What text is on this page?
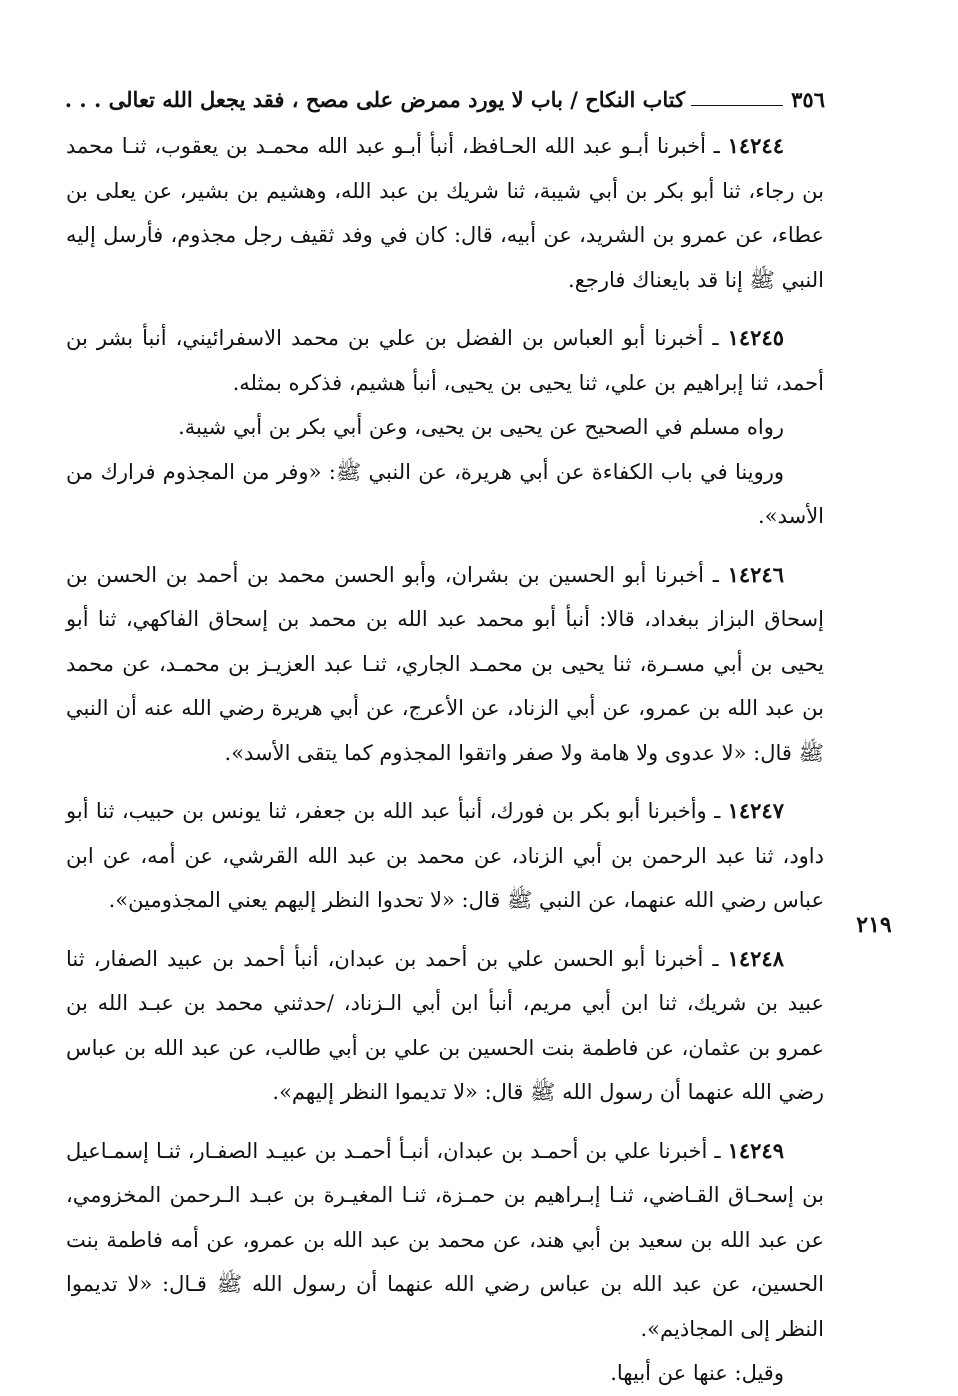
٣٥٦
كتاب النكاح / باب لا يورد ممرض على مصح ، فقد يجعل الله تعالى . . .
٢١٩

١٤٢٤٤ ـ أخبرنا أبـو عبد الله الحـافظ، أنبأ أبـو عبد الله محمـد بن يعقوب، ثنـا محمد بن رجاء، ثنا أبو بكر بن أبي شيبة، ثنا شريك بن عبد الله، وهشيم بن بشير، عن يعلى بن عطاء، عن عمرو بن الشريد، عن أبيه، قال: كان في وفد ثقيف رجل مجذوم، فأرسل إليه النبي ﷺ إنا قد بايعناك فارجع.

١٤٢٤٥ ـ أخبرنا أبو العباس بن الفضل بن علي بن محمد الاسفرائيني، أنبأ بشر بن أحمد، ثنا إبراهيم بن علي، ثنا يحيى بن يحيى، أنبأ هشيم، فذكره بمثله.

رواه مسلم في الصحيح عن يحيى بن يحيى، وعن أبي بكر بن أبي شيبة.

وروينا في باب الكفاءة عن أبي هريرة، عن النبي ﷺ: «وفر من المجذوم فرارك من الأسد».

١٤٢٤٦ ـ أخبرنا أبو الحسين بن بشران، وأبو الحسن محمد بن أحمد بن الحسن بن إسحاق البزاز ببغداد، قالا: أنبأ أبو محمد عبد الله بن محمد بن إسحاق الفاكهي، ثنا أبو يحيى بن أبي مسـرة، ثنا يحيى بن محمـد الجاري، ثنـا عبد العزيـز بن محمـد، عن محمد بن عبد الله بن عمرو، عن أبي الزناد، عن الأعرج، عن أبي هريرة رضي الله عنه أن النبي ﷺ قال: «لا عدوى ولا هامة ولا صفر واتقوا المجذوم كما يتقى الأسد».

١٤٢٤٧ ـ وأخبرنا أبو بكر بن فورك، أنبأ عبد الله بن جعفر، ثنا يونس بن حبيب، ثنا أبو داود، ثنا عبد الرحمن بن أبي الزناد، عن محمد بن عبد الله القرشي، عن أمه، عن ابن عباس رضي الله عنهما، عن النبي ﷺ قال: «لا تحدوا النظر إليهم يعني المجذومين».

١٤٢٤٨ ـ أخبرنا أبو الحسن علي بن أحمد بن عبدان، أنبأ أحمد بن عبيد الصفار، ثنا عبيد بن شريك، ثنا ابن أبي مريم، أنبأ ابن أبي الـزناد، /حدثني محمد بن عبـد الله بن عمرو بن عثمان، عن فاطمة بنت الحسين بن علي بن أبي طالب، عن عبد الله بن عباس رضي الله عنهما أن رسول الله ﷺ قال: «لا تديموا النظر إليهم».

١٤٢٤٩ ـ أخبرنا علي بن أحمـد بن عبدان، أنبـأ أحمـد بن عبيـد الصفـار، ثنـا إسمـاعيل بن إسحـاق القـاضي، ثنـا إبـراهيم بن حمـزة، ثنـا المغيـرة بن عبـد الـرحمن المخزومي، عن عبد الله بن سعيد بن أبي هند، عن محمد بن عبد الله بن عمرو، عن أمه فاطمة بنت الحسين، عن عبد الله بن عباس رضي الله عنهما أن رسول الله ﷺ قـال: «لا تديموا النظر إلى المجاذيم».

وقيل: عنها عن أبيها.
